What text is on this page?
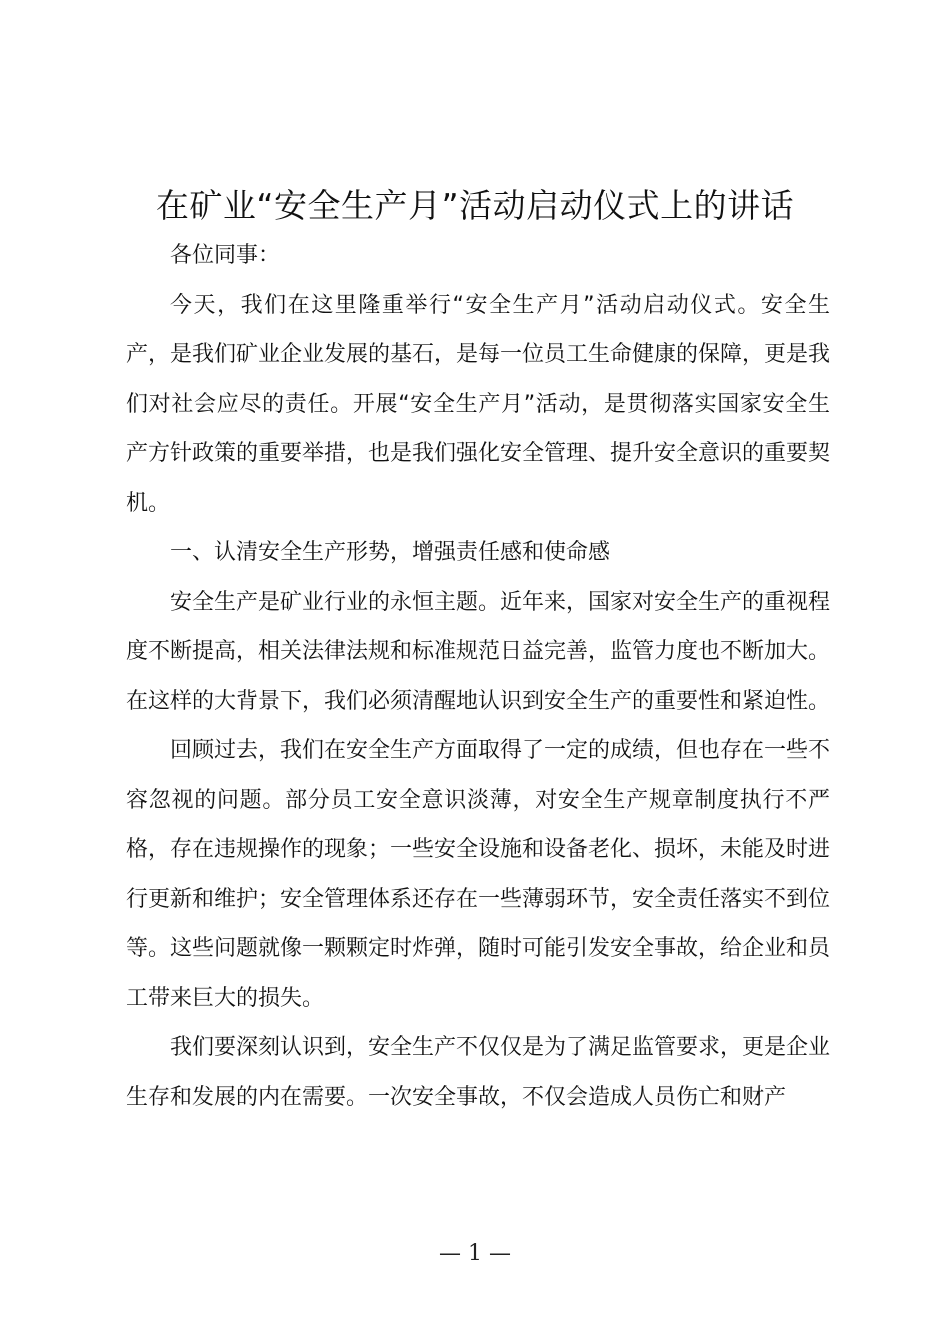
在矿业“安全生产月”活动启动仪式上的讲话

各位同事：

今天，我们在这里隆重举行“安全生产月”活动启动仪式。安全生产，是我们矿业企业发展的基石，是每一位员工生命健康的保障，更是我们对社会应尽的责任。开展“安全生产月”活动，是贯彻落实国家安全生产方针政策的重要举措，也是我们强化安全管理、提升安全意识的重要契机。

一、认清安全生产形势，增强责任感和使命感

安全生产是矿业行业的永恒主题。近年来，国家对安全生产的重视程度不断提高，相关法律法规和标准规范日益完善，监管力度也不断加大。在这样的大背景下，我们必须清醒地认识到安全生产的重要性和紧迫性。

回顾过去，我们在安全生产方面取得了一定的成绩，但也存在一些不容忽视的问题。部分员工安全意识淡薄，对安全生产规章制度执行不严格，存在违规操作的现象；一些安全设施和设备老化、损坏，未能及时进行更新和维护；安全管理体系还存在一些薄弱环节，安全责任落实不到位等。这些问题就像一颗颗定时炸弹，随时可能引发安全事故，给企业和员工带来巨大的损失。

我们要深刻认识到，安全生产不仅仅是为了满足监管要求，更是企业生存和发展的内在需要。一次安全事故，不仅会造成人员伤亡和财产

— 1 —
